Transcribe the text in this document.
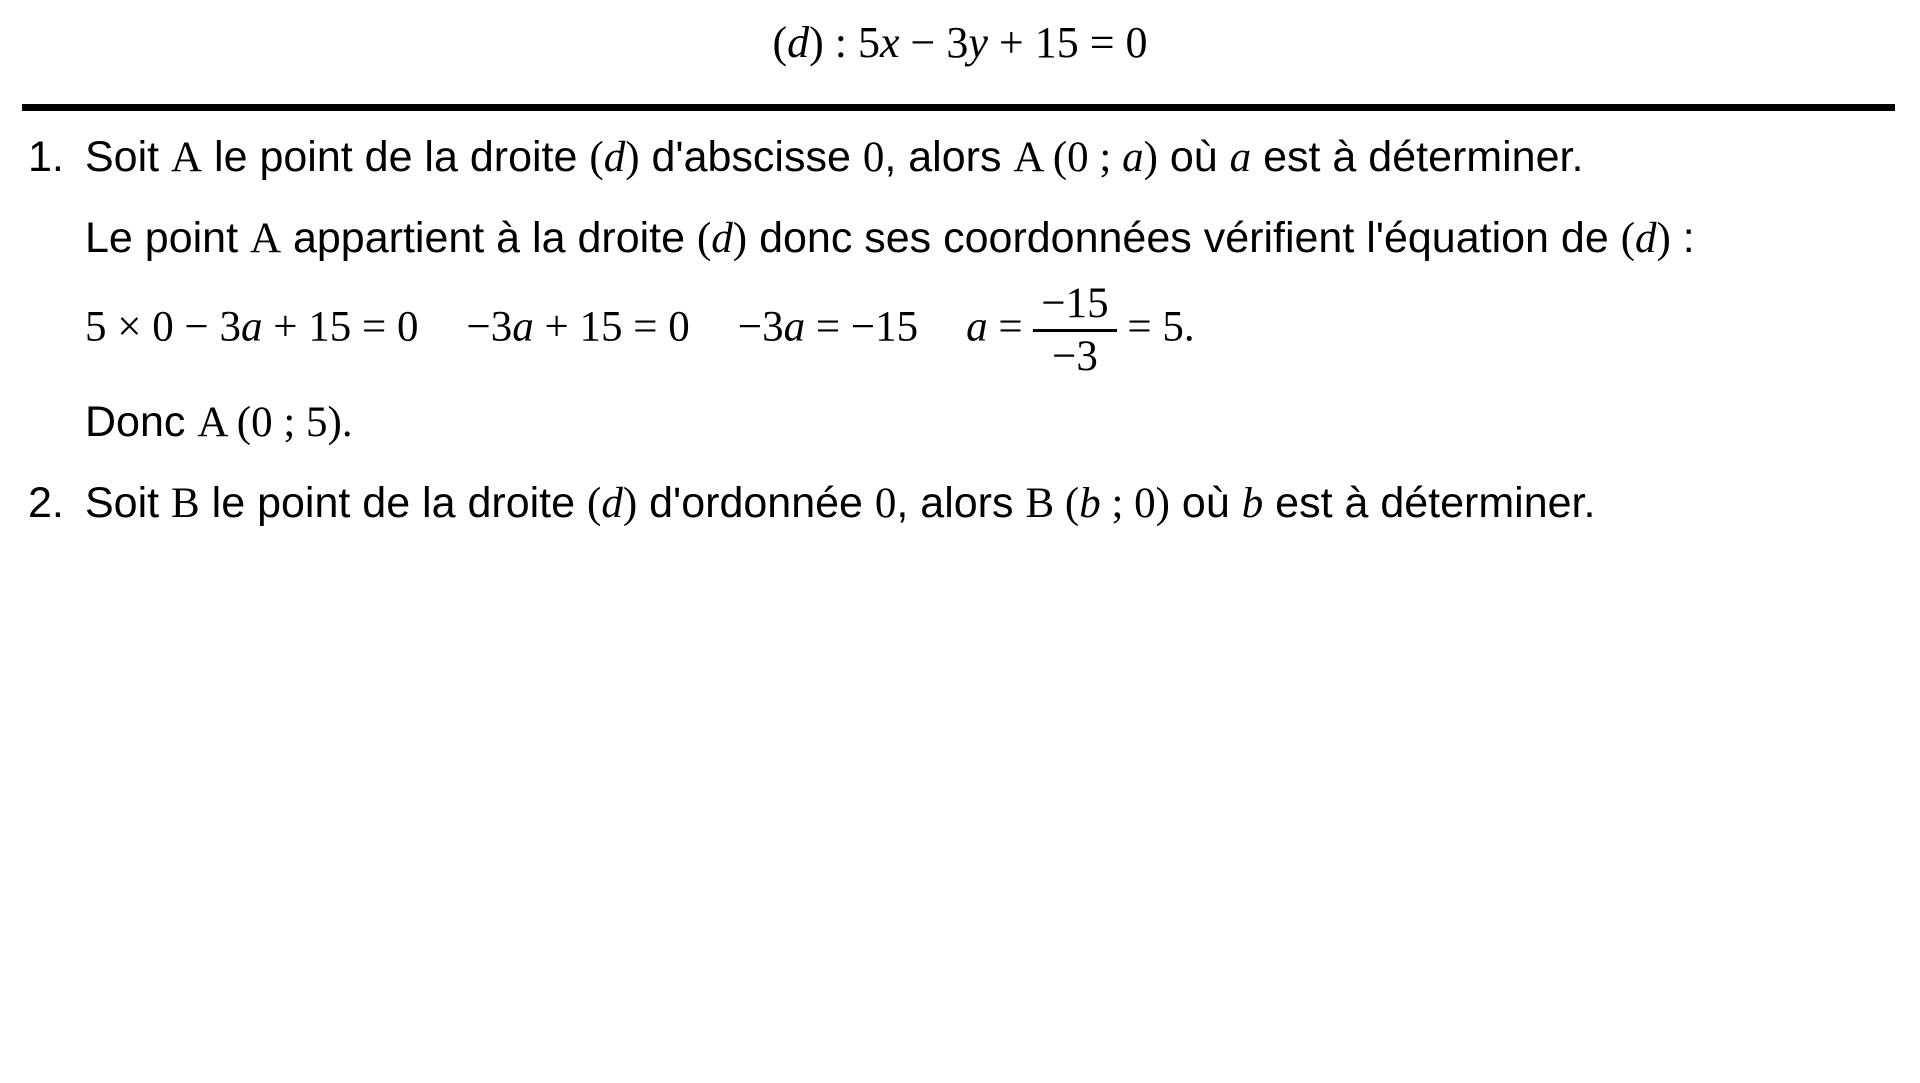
(d) : 5x − 3y + 15 = 0
1. Soit A le point de la droite (d) d'abscisse 0, alors A (0 ; a) où a est à déterminer.
Le point A appartient à la droite (d) donc ses coordonnées vérifient l'équation de (d) :
5 × 0 − 3a + 15 = 0 −3a + 15 = 0 −3a = −15 $a = \frac{-15}{-3} = 5$.
Donc A (0 ; 5).
2. Soit B le point de la droite (d) d'ordonnée 0, alors B (b ; 0) où b est à déterminer.
